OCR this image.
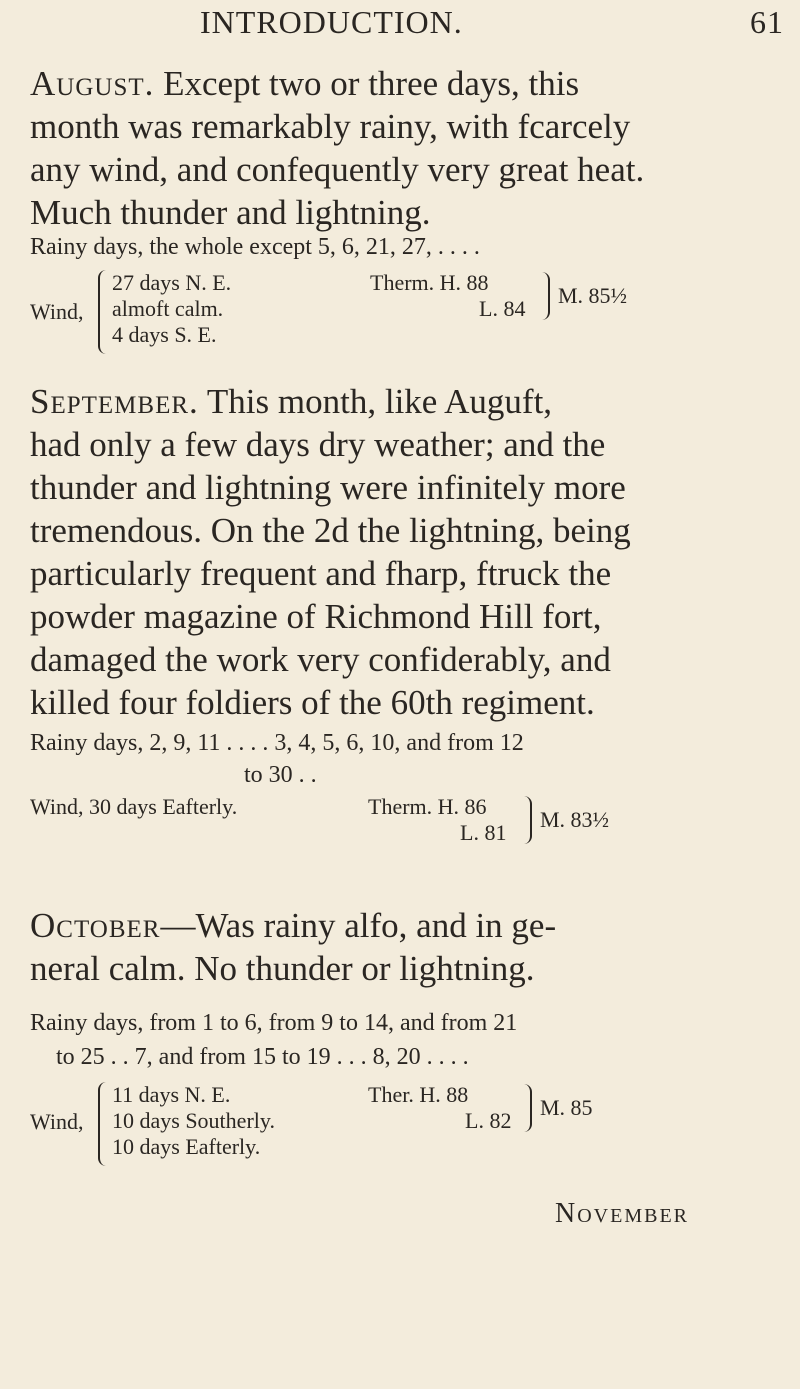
INTRODUCTION.	61

August. Except two or three days, this
month was remarkably rainy, with fcarcely
any wind, and confequently very great heat.
Much thunder and lightning.

Rainy days, the whole except 5, 6, 21, 27, . . . .

Wind,
27 days N. E.
almoft calm.
4 days S. E.
Therm. H. 88
L. 84
M. 85½

September. This month, like Auguft,
had only a few days dry weather; and the
thunder and lightning were infinitely more
tremendous. On the 2d the lightning, being
particularly frequent and fharp, ftruck the
powder magazine of Richmond Hill fort,
damaged the work very confiderably, and
killed four foldiers of the 60th regiment.

Rainy days, 2, 9, 11 . . . . 3, 4, 5, 6, 10, and from 12

to 30 . .

Wind, 30 days Eafterly.	Therm. H. 86
L. 81
M. 83½

October—Was rainy alfo, and in ge-
neral calm. No thunder or lightning.

Rainy days, from 1 to 6, from 9 to 14, and from 21

to 25 . . 7, and from 15 to 19 . . . 8, 20 . . . .

Wind,
11 days N. E.
10 days Southerly.
10 days Eafterly.
Ther. H. 88
L. 82
M. 85
November
